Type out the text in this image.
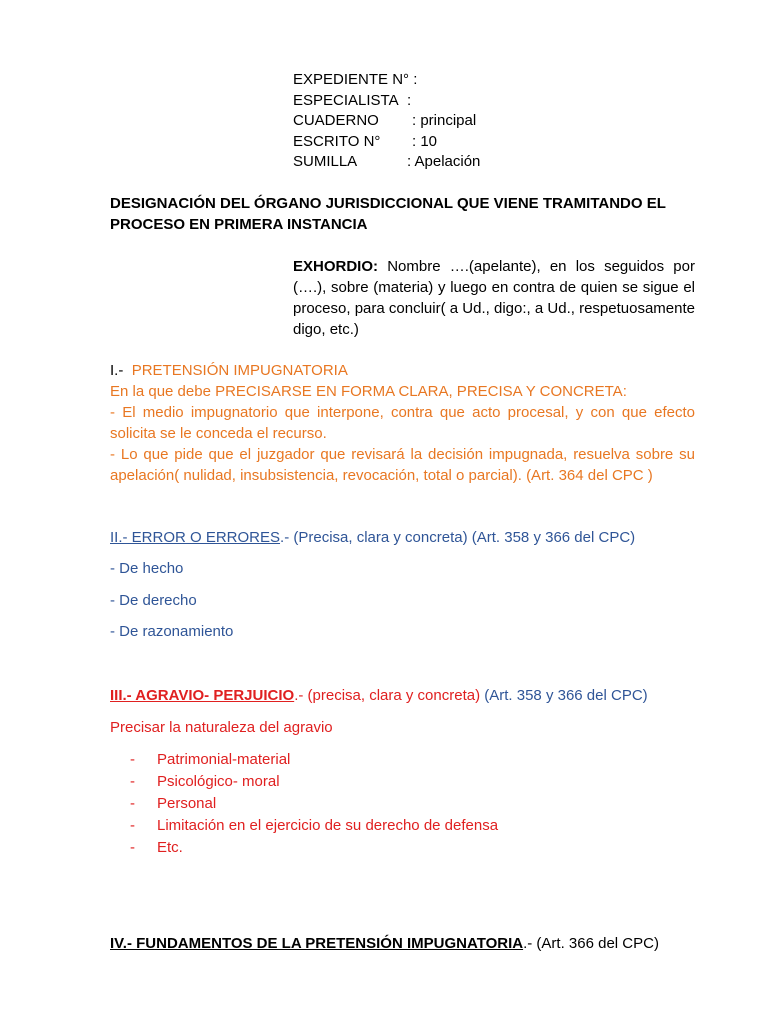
EXPEDIENTE N° :
ESPECIALISTA :
CUADERNO : principal
ESCRITO N° : 10
SUMILLA	: Apelación
DESIGNACIÓN DEL ÓRGANO JURISDICCIONAL QUE VIENE TRAMITANDO EL PROCESO EN PRIMERA INSTANCIA
EXHORDIO: Nombre ….(apelante), en los seguidos por (….), sobre (materia) y luego en contra de quien se sigue el proceso, para concluir( a Ud., digo:, a Ud., respetuosamente digo, etc.)
I.- PRETENSIÓN IMPUGNATORIA
En la que debe PRECISARSE EN FORMA CLARA, PRECISA Y CONCRETA:
- El medio impugnatorio que interpone, contra que acto procesal, y con que efecto solicita se le conceda el recurso.
- Lo que pide que el juzgador que revisará la decisión impugnada, resuelva sobre su apelación( nulidad, insubsistencia, revocación, total o parcial). (Art. 364 del CPC )
II.- ERROR O ERRORES.- (Precisa, clara y concreta) (Art. 358 y 366 del CPC)
- De hecho
- De derecho
- De razonamiento
III.- AGRAVIO- PERJUICIO.- (precisa, clara y concreta) (Art. 358 y 366 del CPC)
Precisar la naturaleza del agravio
- Patrimonial-material
- Psicológico- moral
- Personal
- Limitación en el ejercicio de su derecho de defensa
- Etc.
IV.- FUNDAMENTOS DE LA PRETENSIÓN IMPUGNATORIA.- (Art. 366 del CPC)
